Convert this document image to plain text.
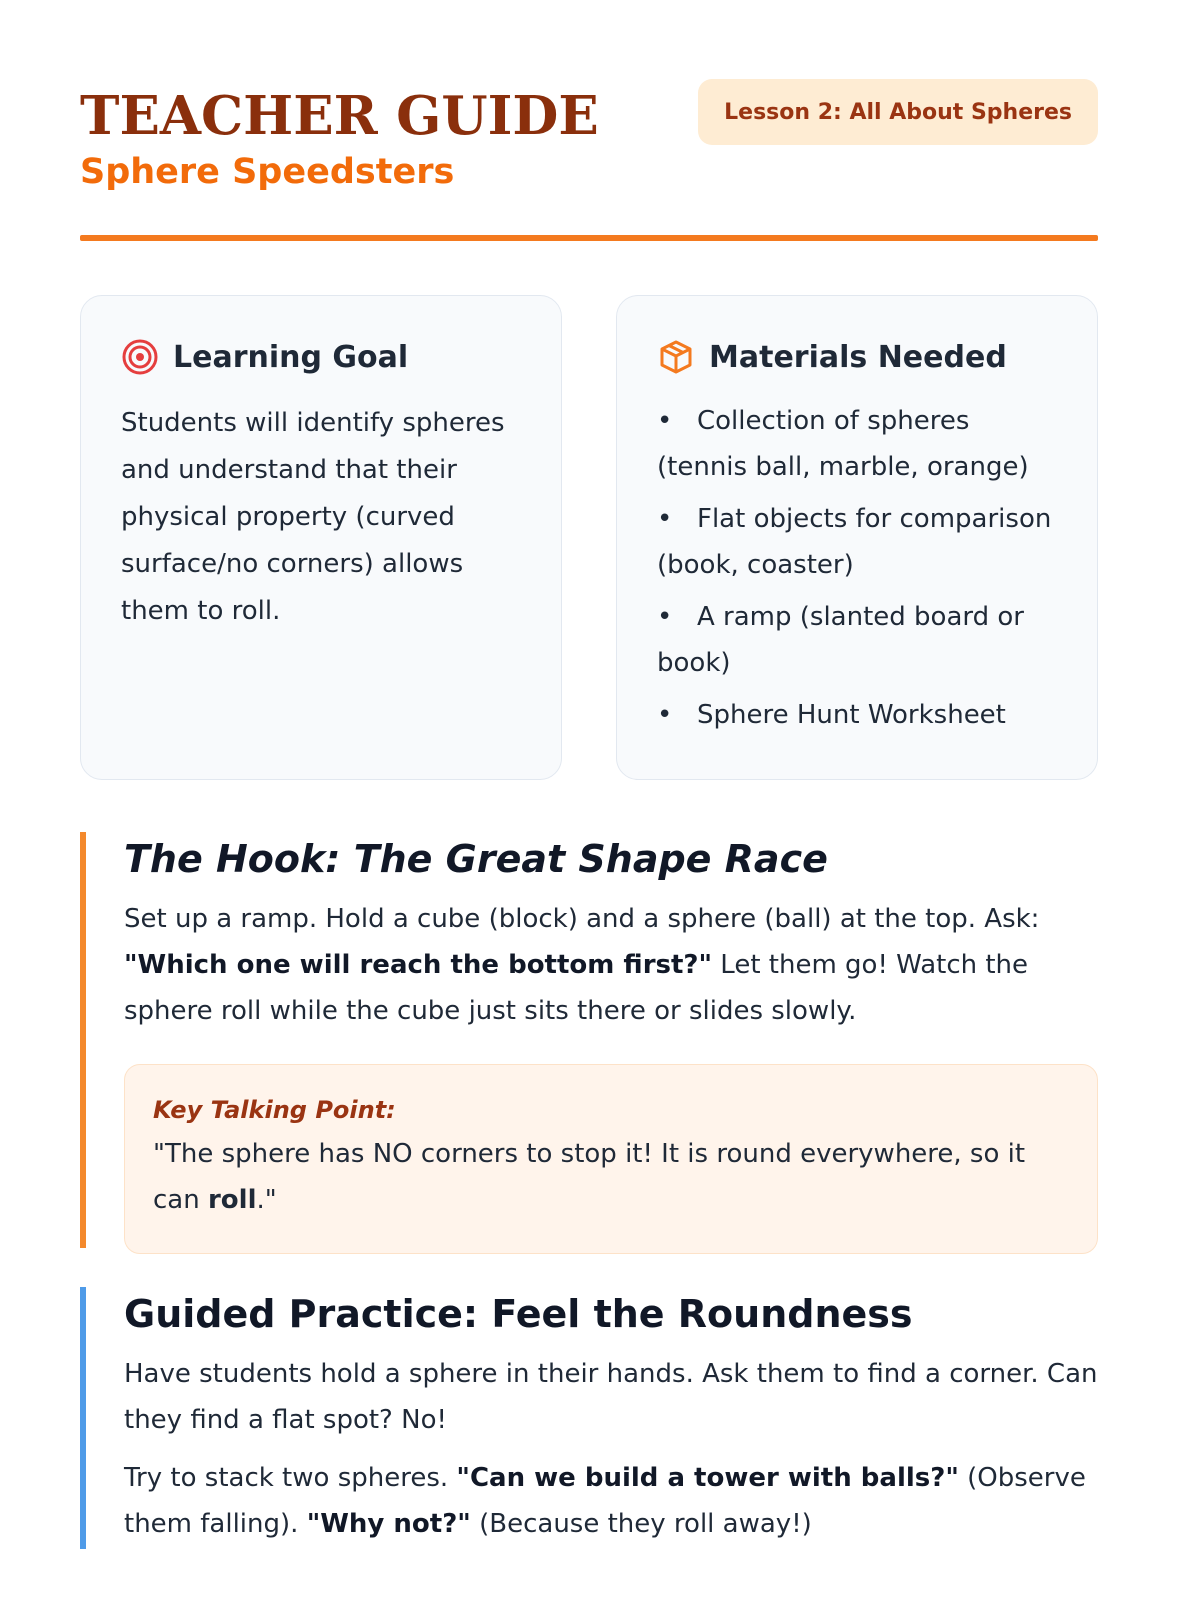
TEACHER GUIDE
Sphere Speedsters
Lesson 2: All About Spheres
Learning Goal

Students will identify spheres and understand that their physical property (curved surface/no corners) allows them to roll.

Materials Needed
• Collection of spheres (tennis ball, marble, orange)
• Flat objects for comparison (book, coaster)
• A ramp (slanted board or book)
• Sphere Hunt Worksheet
The Hook: The Great Shape Race

Set up a ramp. Hold a cube (block) and a sphere (ball) at the top. Ask: "Which one will reach the bottom first?" Let them go! Watch the sphere roll while the cube just sits there or slides slowly.

Key Talking Point:

"The sphere has NO corners to stop it! It is round everywhere, so it can roll."

Guided Practice: Feel the Roundness

Have students hold a sphere in their hands. Ask them to find a corner. Can they find a flat spot? No!

Try to stack two spheres. "Can we build a tower with balls?" (Observe them falling). "Why not?" (Because they roll away!)
